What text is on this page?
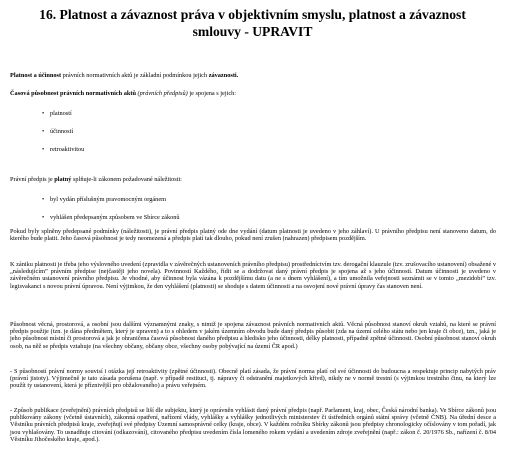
16. Platnost a závaznost práva v objektivním smyslu, platnost a závaznost smlouvy - UPRAVIT
Platnost a účinnost právních normativních aktů je základní podmínkou jejich závaznosti.
Časová působnost právních normativních aktů (právních předpisů) je spojena s jejich:
• platností
• účinností
• retroaktivitou
Právní předpis je platný splňuje-li zákonem požadované náležitosti:
• byl vydán příslušným pravomocným orgánem
• vyhlášen předepsaným způsobem ve Sbírce zákonů
Pokud byly splněny předepsané podmínky (náležitosti), je právní předpis platný ode dne vydání (datum platnosti je uvedeno v jeho záhlaví). U právního předpisu není stanoveno datum, do kterého bude platit. Jeho časová působnost je tedy neomezená a předpis platí tak dlouho, pokud není zrušen (nahrazen) předpisem pozdějším.
K zániku platnosti je třeba jeho výslovného uvedení (zpravidla v závěrečných ustanoveních právního předpisu) prostředníctvím tzv. derogační klauzule (tzv. zrušovacího ustanovení) obsažené v „následujícím” právním předpise (nejčastěji jeho novela). Povinností Každého, řídit se a dodržovat daný právní předpis je spojena až s jeho účinností. Datum účinnosti je uvedeno v závěrečném ustanovení právního předpisu. Je vhodné, aby účinnost byla vázána k pozdějšímu datu (a ne s dnem vyhlášení), a tím umožnila veřejnosti seznámit se v tomto „mezidobí” tzv. legisvakanci s novou právní úpravou. Není výjimkou, že den vyhlášení (platnosti) se shoduje s datem účinnosti a na osvojení nové právní úpravy čas stanoven není.
Působnost věcná, prostorová, a osobní jsou dalšími významnými znaky, s nimiž je spojena závaznost právních normativních aktů. Věcná působnost stanoví okruh vztahů, na které se právní předpis použije (tzn. je dána předmětem, který je upraven) a to s ohledem v jakém územním obvodu bude daný předpis působit (zda na území celého státu nebo jen kraje či obce), tzn., jaká je jeho působnost místní či prostorová a jak je ohraničena časová působnost daného předpisu a hledisko jeho účinnosti, délky platnosti, případně zpětné účinnosti. Osobní působnost stanoví okruh osob, na něž se předpis vztahuje (na všechny občany, občany obce, všechny osoby pobývající na území ČR apod.)
- S působností právní normy souvisí i otázka její retroaktivity (zpětné účinnosti). Obecně platí zásada, že právní norma platí od své účinnosti do budoucna a respektuje princip nabytých práv (právní jistoty). Výjimečně je tato zásada porušena (např. v případě restituci, tj. nápravy či odstranění majetkových křivd), nikdy ne v normě trestní (s výjimkou trestního činu, na který lze použít ty ustanovení, která je příznivější pro obžalovaného) a právu veřejném.
- Způsob publikace (zveřejnění) právních předpisů se liší dle subjektu, který je oprávněn vyhlásit daný právní předpis (např. Parlament, kraj, obec, Česká národní banka). Ve Sbírce zákonů jsou publikovány zákony (včetně ústavních), zákonná opatření, nařízení vlády, vyhlášky a vyhlášky jednotlivých ministerstev či ústředních orgánů státní správy (včetně ČNB). Na úřední desce a Věstníku právních předpisů kraje, zveřejňují své předpisy Územní samosprávné celky (kraje, obce). V každém ročníku Sbírky zákonů jsou předpisy chronologicky očíslovány v tom pořadí, jak jsou vyhlašovány. To usnadňuje citování (odkazování), citovaného předpisu uvedením čísla lomeného rokem vydání a uvedením zdroje zveřejnění (např.: zákon č. 20/1976 Sb., nařízení č. 8/04 Věstníku Jihočeského kraje, apod.).
